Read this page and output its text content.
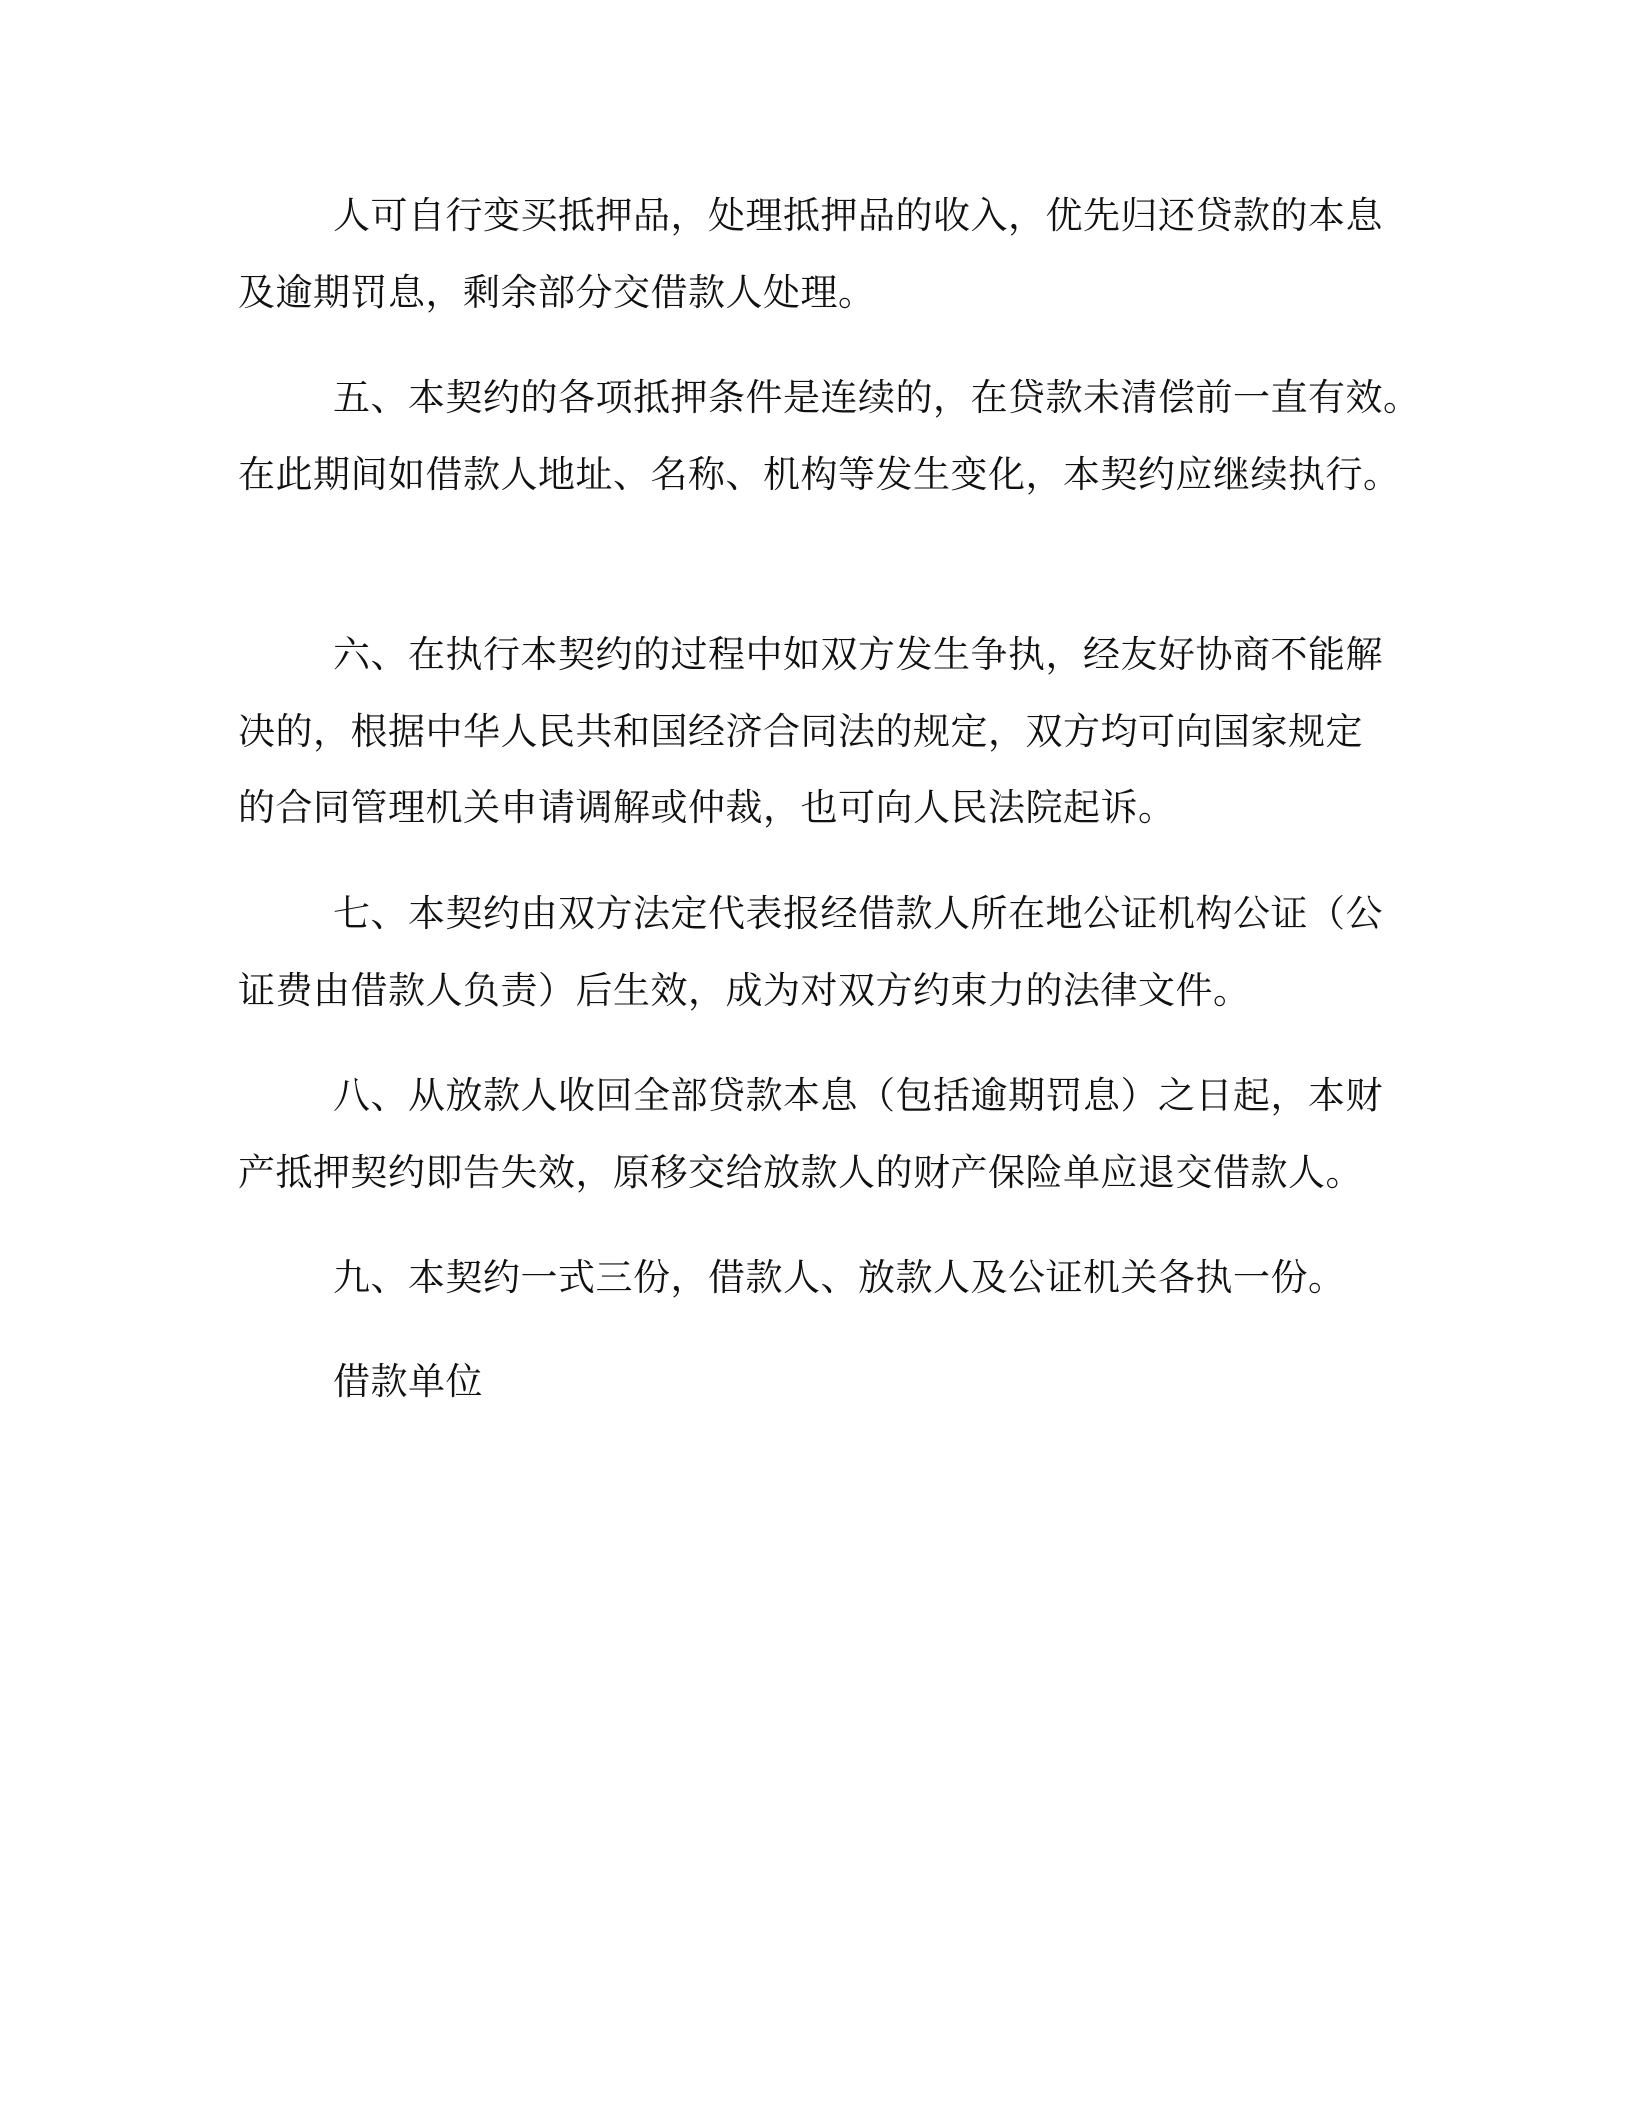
人可自行变买抵押品，处理抵押品的收入，优先归还贷款的本息
及逾期罚息，剩余部分交借款人处理。
五、本契约的各项抵押条件是连续的，在贷款未清偿前一直有效。
在此期间如借款人地址、名称、机构等发生变化，本契约应继续执行。
六、在执行本契约的过程中如双方发生争执，经友好协商不能解
决的，根据中华人民共和国经济合同法的规定，双方均可向国家规定
的合同管理机关申请调解或仲裁，也可向人民法院起诉。
七、本契约由双方法定代表报经借款人所在地公证机构公证（公
证费由借款人负责）后生效，成为对双方约束力的法律文件。
八、从放款人收回全部贷款本息（包括逾期罚息）之日起，本财
产抵押契约即告失效，原移交给放款人的财产保险单应退交借款人。
九、本契约一式三份，借款人、放款人及公证机关各执一份。
借款单位
